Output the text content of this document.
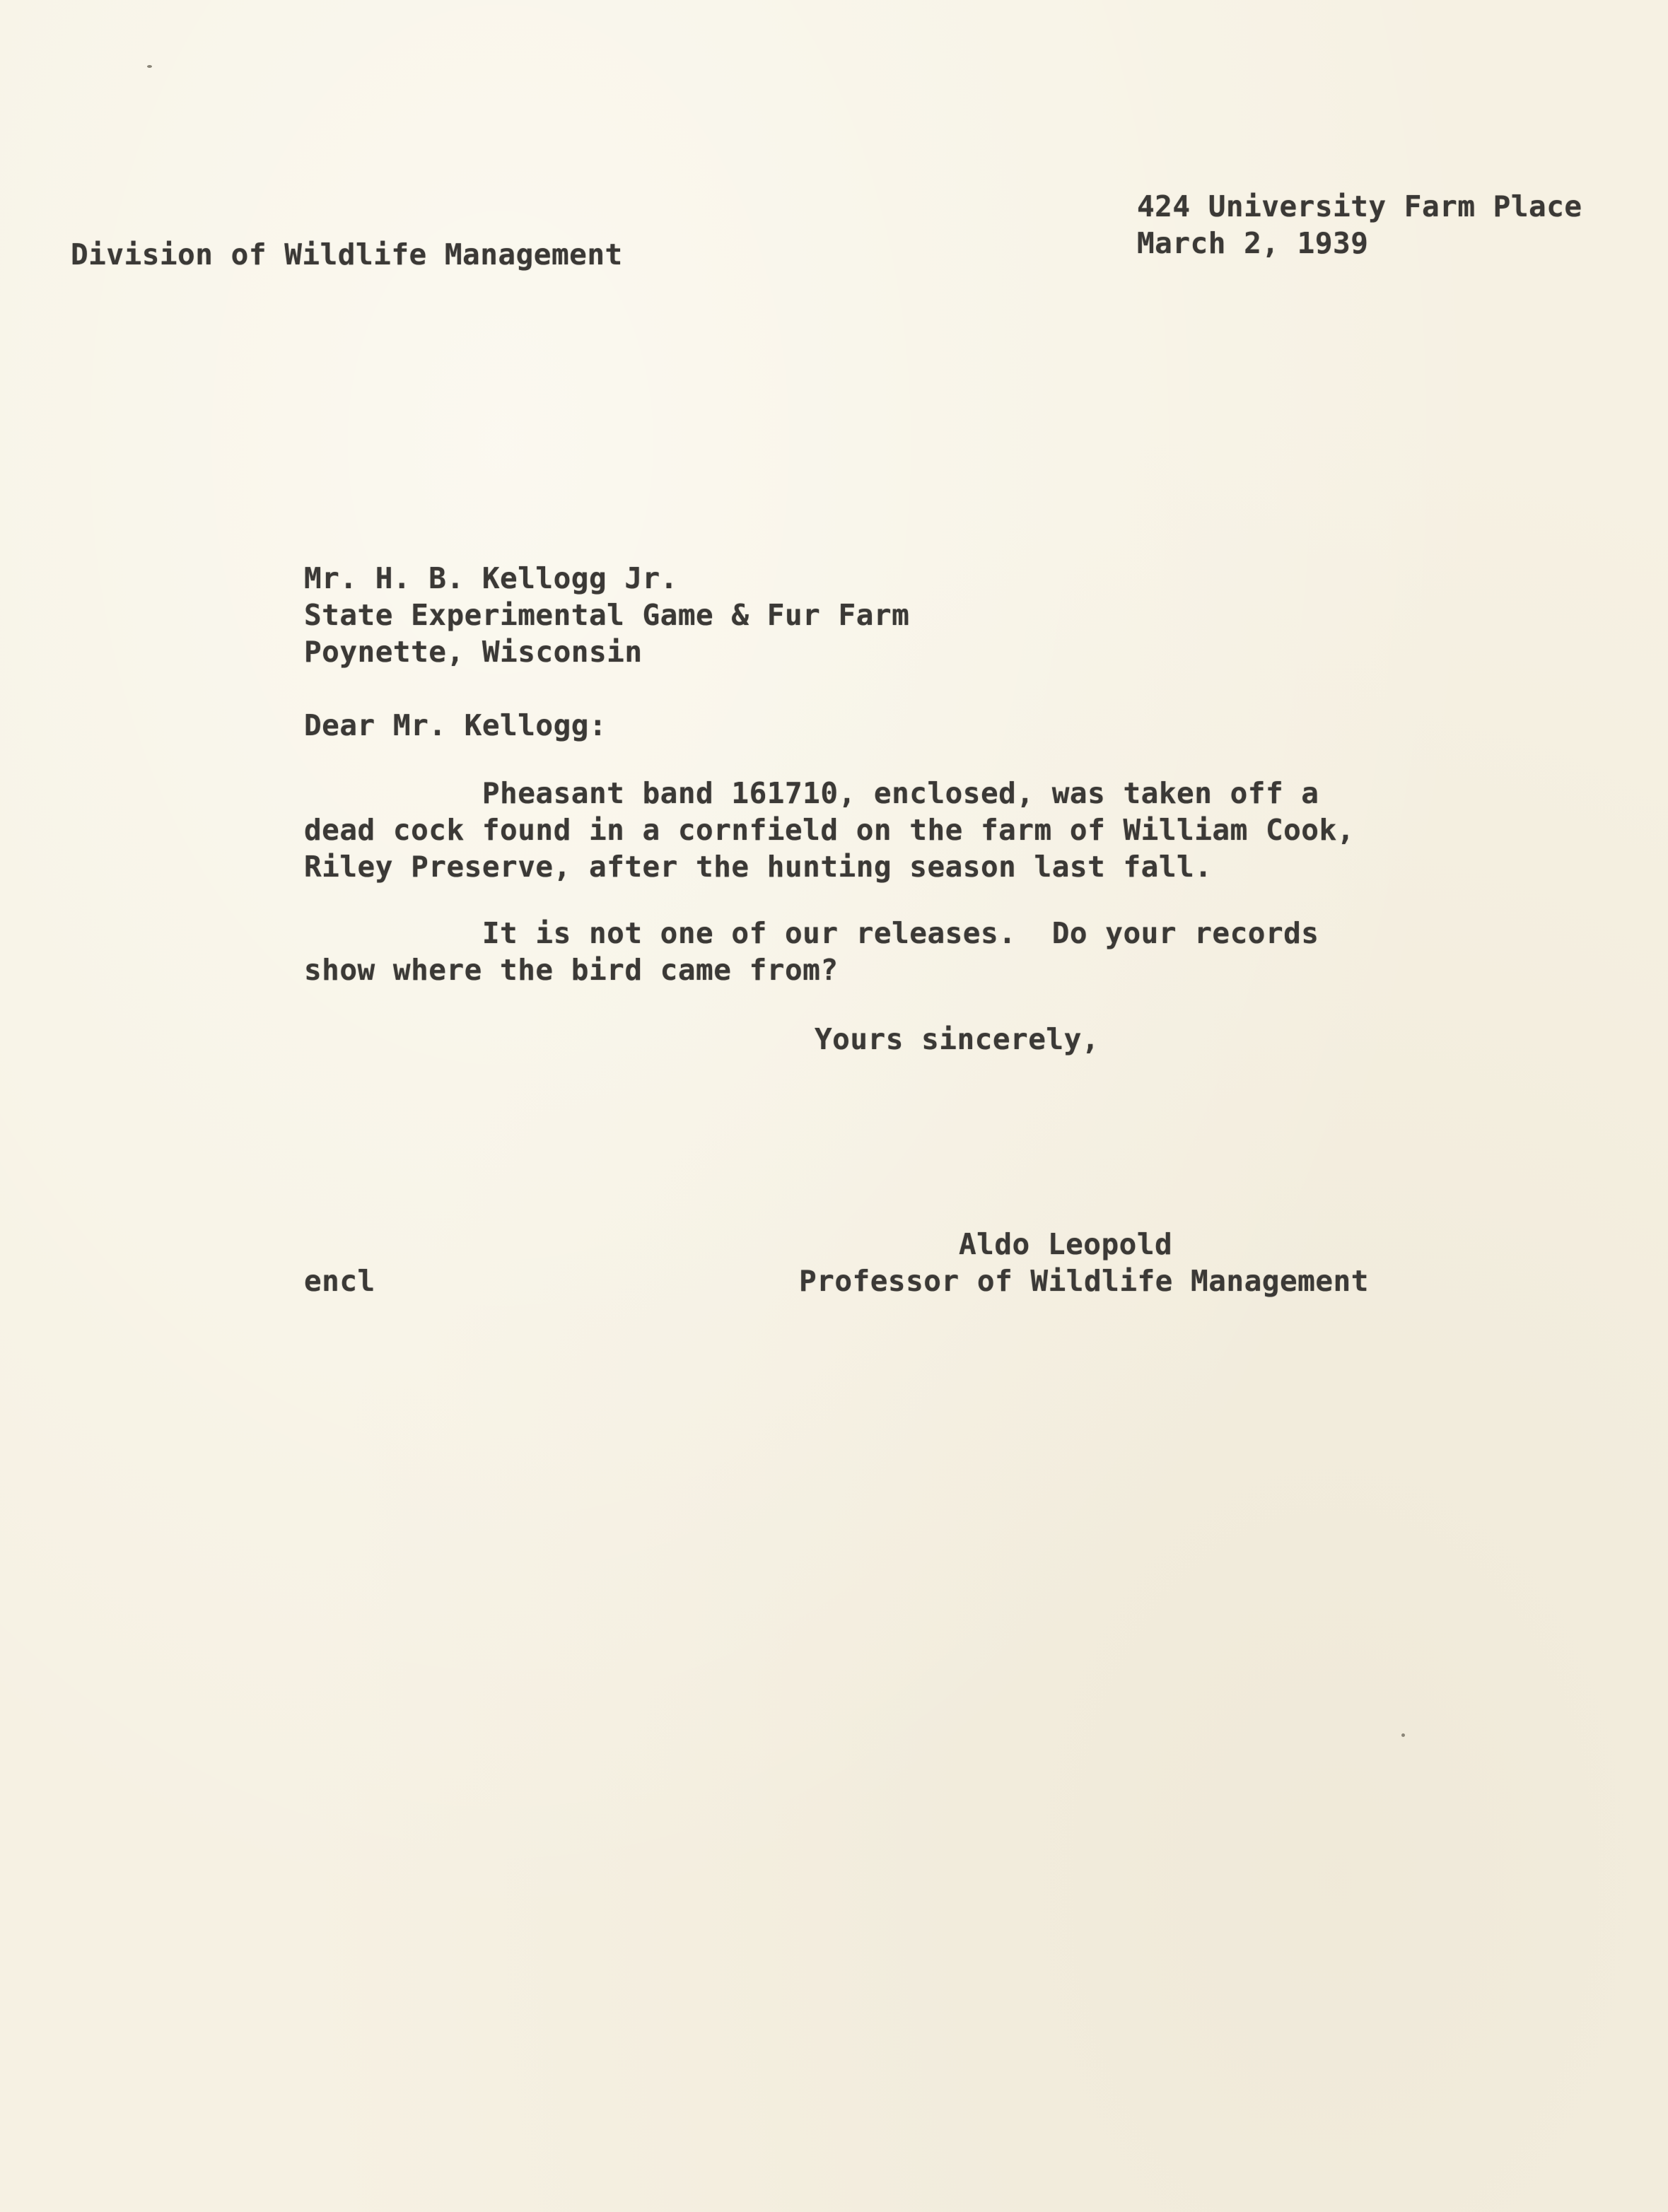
Division of Wildlife Management
424 University Farm Place
March 2, 1939
Mr. H. B. Kellogg Jr.
State Experimental Game & Fur Farm
Poynette, Wisconsin
Dear Mr. Kellogg:
Pheasant band 161710, enclosed, was taken off a
dead cock found in a cornfield on the farm of William Cook,
Riley Preserve, after the hunting season last fall.
It is not one of our releases.  Do your records
show where the bird came from?
Yours sincerely,
Aldo Leopold
encl	Professor of Wildlife Management
